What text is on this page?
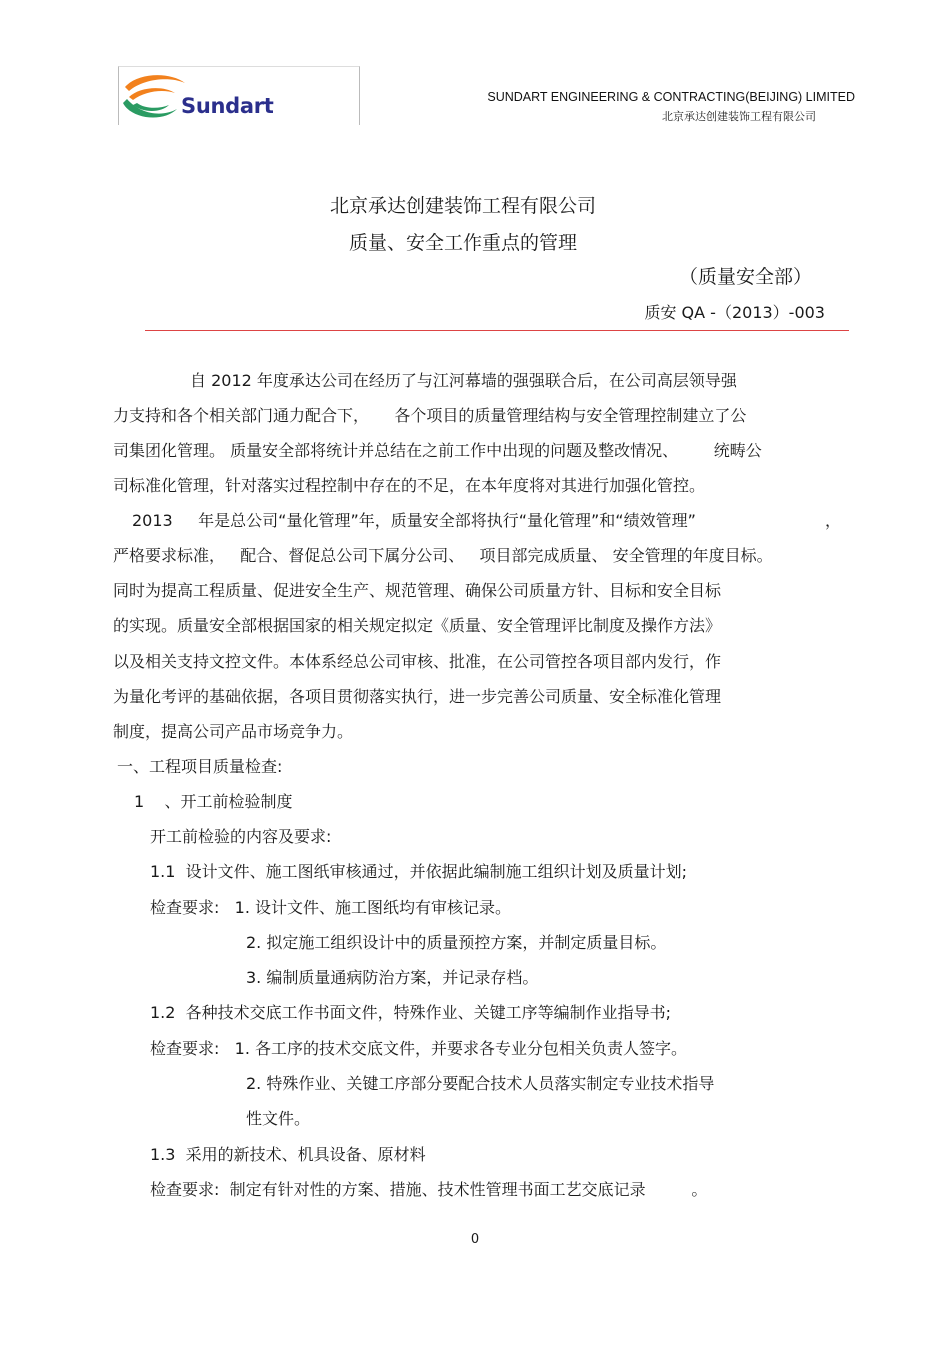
Sundart	SUNDART ENGINEERING & CONTRACTING(BEIJING) LIMITED
北京承达创建装饰工程有限公司
北京承达创建装饰工程有限公司
质量、安全工作重点的管理
（质量安全部）
质安 QA -（2013）-003
自 2012 年度承达公司在经历了与江河幕墙的强强联合后，在公司高层领导强
力支持和各个相关部门通力配合下，     各个项目的质量管理结构与安全管理控制建立了公
司集团化管理。 质量安全部将统计并总结在之前工作中出现的问题及整改情况、       统畴公
司标准化管理，针对落实过程控制中存在的不足，在本年度将对其进行加强化管控。
2013     年是总公司“量化管理”年，质量安全部将执行“量化管理”和“绩效管理”	，
严格要求标准，   配合、督促总公司下属分公司、   项目部完成质量、 安全管理的年度目标。
同时为提高工程质量、促进安全生产、规范管理、确保公司质量方针、目标和安全目标
的实现。质量安全部根据国家的相关规定拟定《质量、安全管理评比制度及操作方法》
以及相关支持文控文件。本体系经总公司审核、批准，在公司管控各项目部内发行，作
为量化考评的基础依据，各项目贯彻落实执行，进一步完善公司质量、安全标准化管理
制度，提高公司产品市场竞争力。
一、工程项目质量检查:
1    、开工前检验制度
开工前检验的内容及要求:
1.1  设计文件、施工图纸审核通过，并依据此编制施工组织计划及质量计划;
检查要求:   1. 设计文件、施工图纸均有审核记录。
2. 拟定施工组织设计中的质量预控方案，并制定质量目标。
3. 编制质量通病防治方案，并记录存档。
1.2  各种技术交底工作书面文件，特殊作业、关键工序等编制作业指导书;
检查要求:   1. 各工序的技术交底文件，并要求各专业分包相关负责人签字。
2. 特殊作业、关键工序部分要配合技术人员落实制定专业技术指导
性文件。
1.3  采用的新技术、机具设备、原材料
检查要求:  制定有针对性的方案、措施、技术性管理书面工艺交底记录         。
0
